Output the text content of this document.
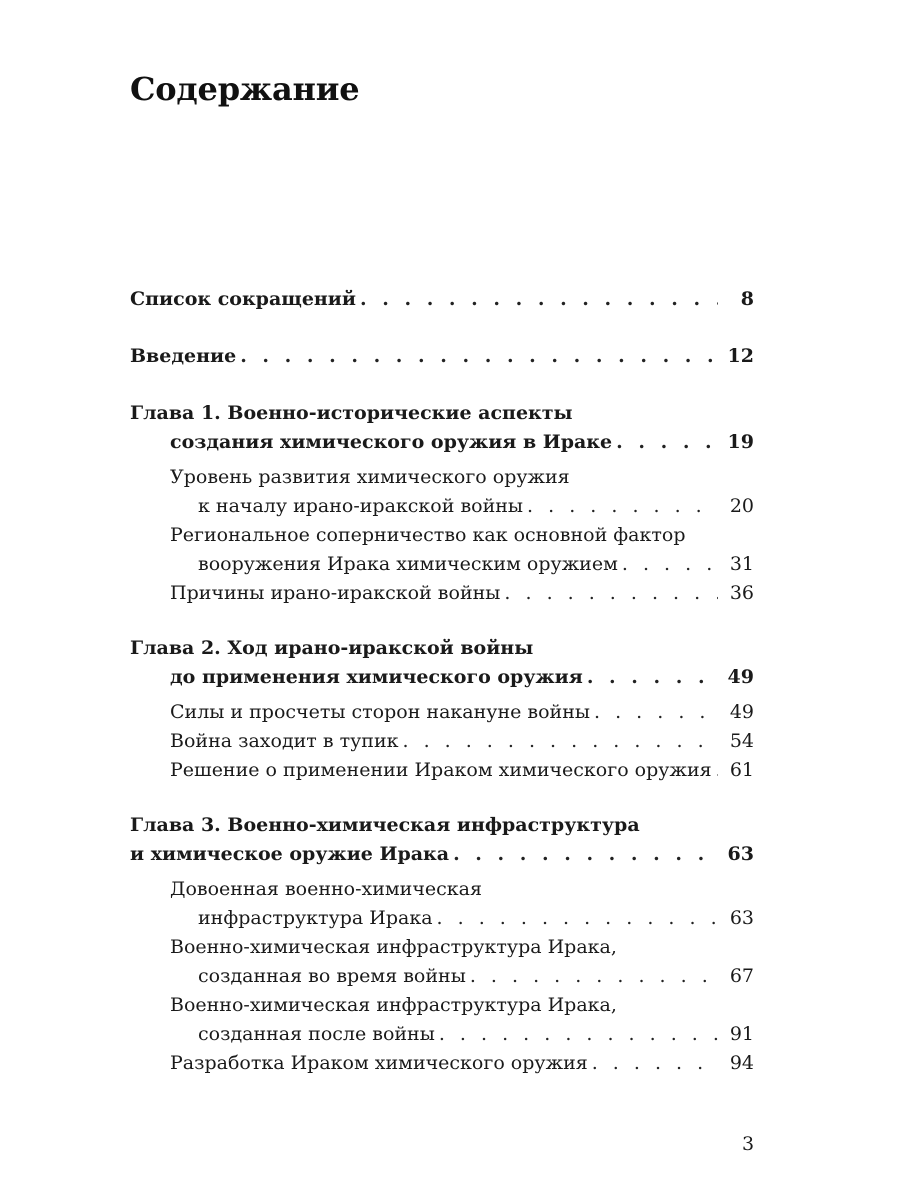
Содержание
Список сокращений . . .	8
Введение . . .	12
Глава 1. Военно-исторические аспекты
создания химического оружия в Ираке . . .	19
Уровень развития химического оружия
к началу ирано-иракской войны . . .	20
Региональное соперничество как основной фактор
вооружения Ирака химическим оружием . . .	31
Причины ирано-иракской войны . . .	36
Глава 2. Ход ирано-иракской войны
до применения химического оружия . . .	49
Силы и просчеты сторон накануне войны . . .	49
Война заходит в тупик . . .	54
Решение о применении Ираком химического оружия . . . 61
Глава 3. Военно-химическая инфраструктура
и химическое оружие Ирака . . .	63
Довоенная военно-химическая
инфраструктура Ирака . . .	63
Военно-химическая инфраструктура Ирака,
созданная во время войны . . .	67
Военно-химическая инфраструктура Ирака,
созданная после войны . . .	91
Разработка Ираком химического оружия . . .	94
3
